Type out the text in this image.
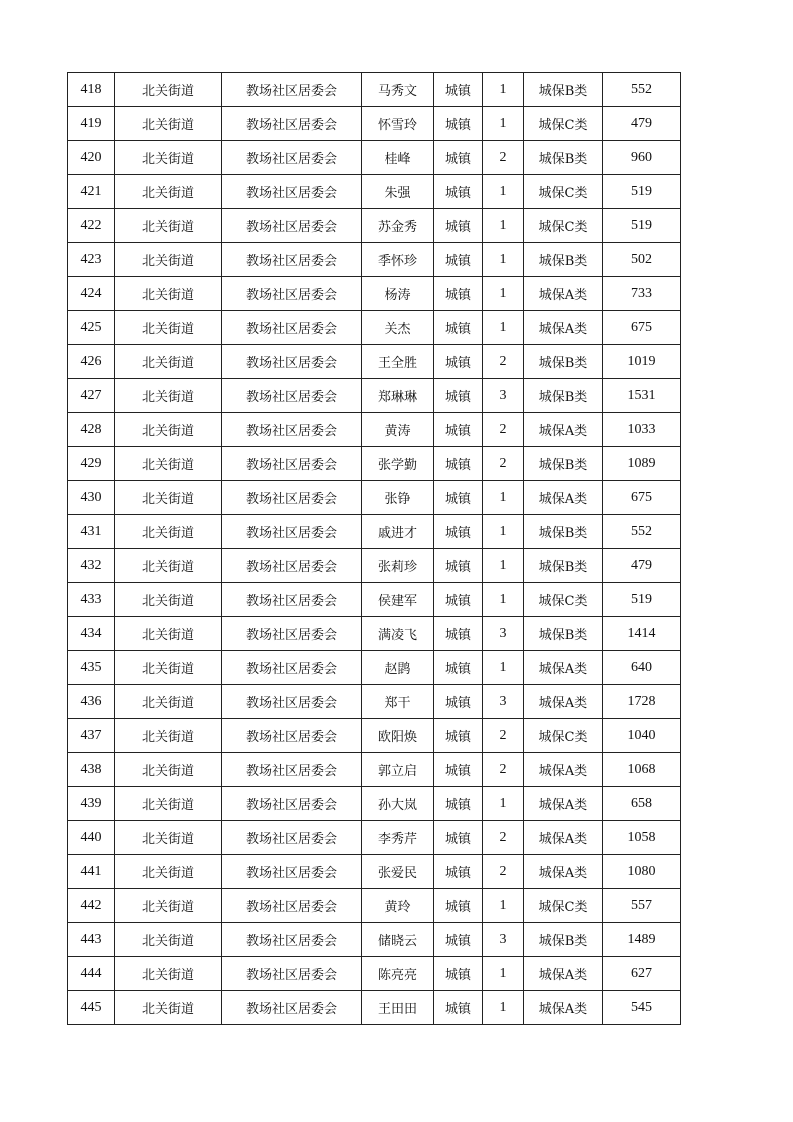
418	北关街道	教场社区居委会	马秀文	城镇	1	城保B类	552
419	北关街道	教场社区居委会	怀雪玲	城镇	1	城保C类	479
420	北关街道	教场社区居委会	桂峰	城镇	2	城保B类	960
421	北关街道	教场社区居委会	朱强	城镇	1	城保C类	519
422	北关街道	教场社区居委会	苏金秀	城镇	1	城保C类	519
423	北关街道	教场社区居委会	季怀珍	城镇	1	城保B类	502
424	北关街道	教场社区居委会	杨涛	城镇	1	城保A类	733
425	北关街道	教场社区居委会	关杰	城镇	1	城保A类	675
426	北关街道	教场社区居委会	王全胜	城镇	2	城保B类	1019
427	北关街道	教场社区居委会	郑琳琳	城镇	3	城保B类	1531
428	北关街道	教场社区居委会	黄涛	城镇	2	城保A类	1033
429	北关街道	教场社区居委会	张学勤	城镇	2	城保B类	1089
430	北关街道	教场社区居委会	张铮	城镇	1	城保A类	675
431	北关街道	教场社区居委会	戚进才	城镇	1	城保B类	552
432	北关街道	教场社区居委会	张莉珍	城镇	1	城保B类	479
433	北关街道	教场社区居委会	侯建军	城镇	1	城保C类	519
434	北关街道	教场社区居委会	满凌飞	城镇	3	城保B类	1414
435	北关街道	教场社区居委会	赵鹍	城镇	1	城保A类	640
436	北关街道	教场社区居委会	郑干	城镇	3	城保A类	1728
437	北关街道	教场社区居委会	欧阳焕	城镇	2	城保C类	1040
438	北关街道	教场社区居委会	郭立启	城镇	2	城保A类	1068
439	北关街道	教场社区居委会	孙大岚	城镇	1	城保A类	658
440	北关街道	教场社区居委会	李秀芹	城镇	2	城保A类	1058
441	北关街道	教场社区居委会	张爱民	城镇	2	城保A类	1080
442	北关街道	教场社区居委会	黄玲	城镇	1	城保C类	557
443	北关街道	教场社区居委会	储晓云	城镇	3	城保B类	1489
444	北关街道	教场社区居委会	陈亮亮	城镇	1	城保A类	627
445	北关街道	教场社区居委会	王田田	城镇	1	城保A类	545
